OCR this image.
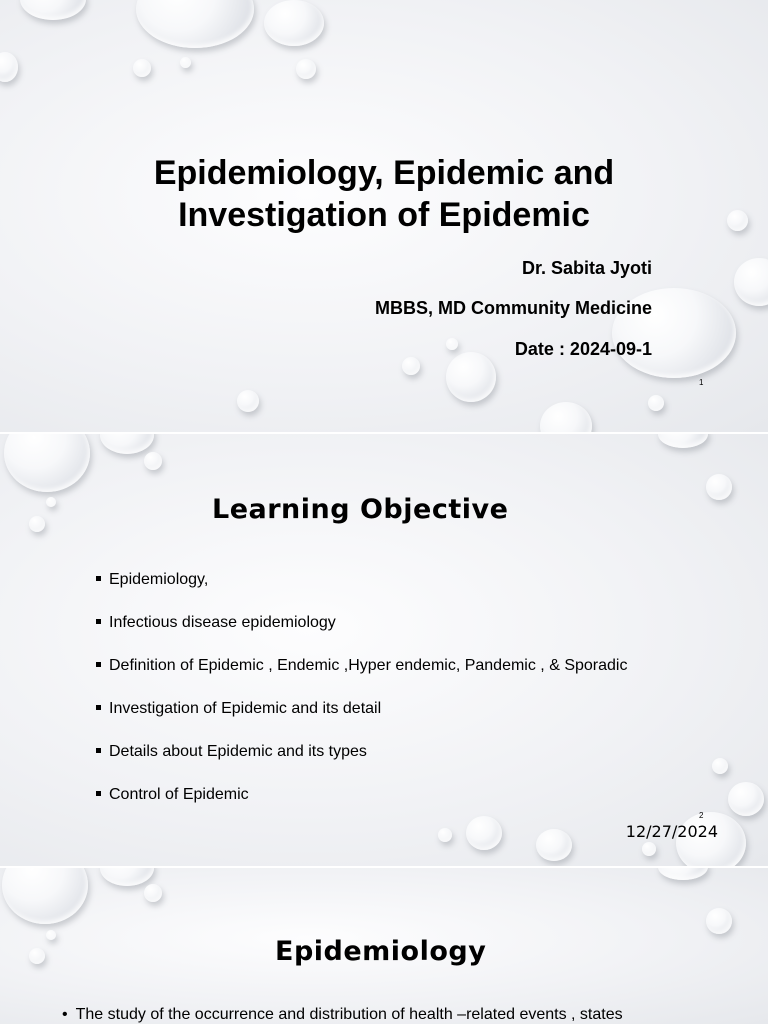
Epidemiology, Epidemic and
Investigation of Epidemic
Dr. Sabita Jyoti
MBBS, MD Community Medicine
Date : 2024-09-1
1
Learning Objective
Epidemiology,
Infectious disease epidemiology
Definition of Epidemic , Endemic ,Hyper endemic, Pandemic , & Sporadic
Investigation of Epidemic and its detail
Details about Epidemic and its types
Control of Epidemic
2
12/27/2024
Epidemiology
• The study of the occurrence and distribution of health –related events , states
